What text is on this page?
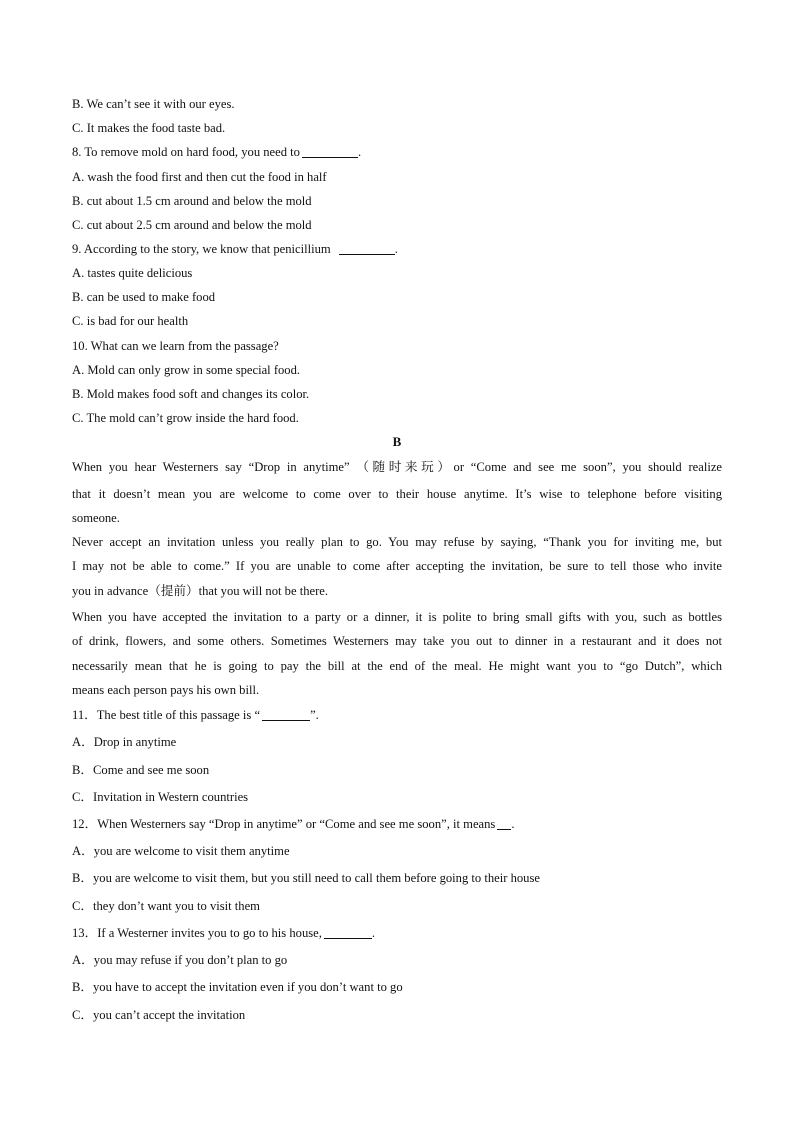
B. We can’t see it with our eyes.
C. It makes the food taste bad.
8. To remove mold on hard food, you need to	.
A. wash the food first and then cut the food in half
B. cut about 1.5 cm around and below the mold
C. cut about 2.5 cm around and below the mold
9. According to the story, we know that penicillium	.
A. tastes quite delicious
B. can be used to make food
C. is bad for our health
10. What can we learn from the passage?
A. Mold can only grow in some special food.
B. Mold makes food soft and changes its color.
C. The mold can’t grow inside the hard food.
B
When you hear Westerners say “Drop in anytime” （随时来玩）or “Come and see me soon”, you should realize
that it doesn’t mean you are welcome to come over to their house anytime. It’s wise to telephone before visiting
someone.
Never accept an invitation unless you really plan to go. You may refuse by saying, “Thank you for inviting me, but
I may not be able to come.” If you are unable to come after accepting the invitation, be sure to tell those who invite
you in advance（提前）that you will not be there.
When you have accepted the invitation to a party or a dinner, it is polite to bring small gifts with you, such as bottles
of drink, flowers, and some others. Sometimes Westerners may take you out to dinner in a restaurant and it does not
necessarily mean that he is going to pay the bill at the end of the meal. He might want you to “go Dutch”, which
means each person pays his own bill.
11．The best title of this passage is “	”.
A．Drop in anytime
B．Come and see me soon
C．Invitation in Western countries
12．When Westerners say “Drop in anytime” or “Come and see me soon”, it means .
A．you are welcome to visit them anytime
B．you are welcome to visit them, but you still need to call them before going to their house
C．they don’t want you to visit them
13．If a Westerner invites you to go to his house,	.
A．you may refuse if you don’t plan to go
B．you have to accept the invitation even if you don’t want to go
C．you can’t accept the invitation
